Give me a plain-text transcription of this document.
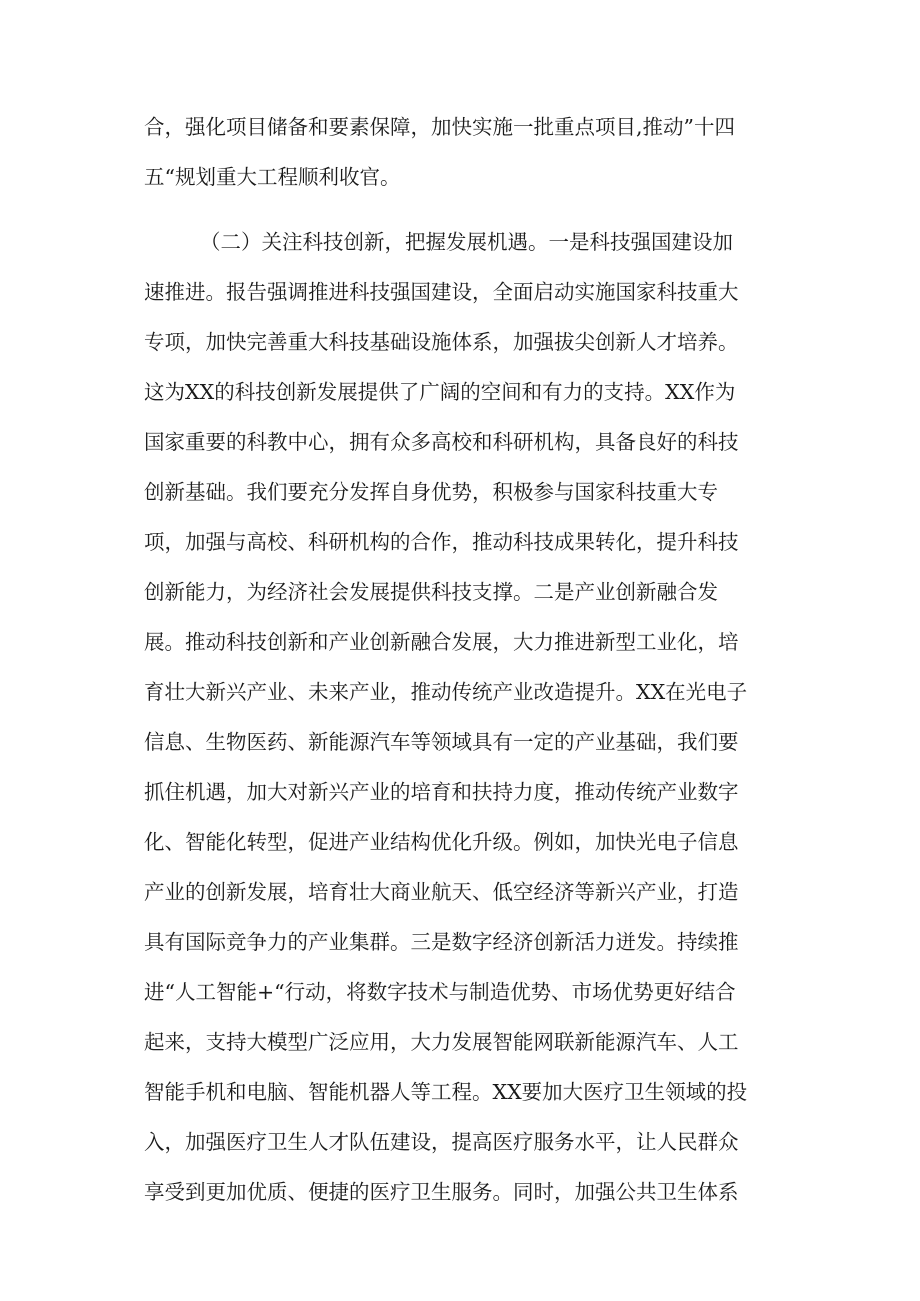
合，强化项目储备和要素保障，加快实施一批重点项目,推动”十四

五“规划重大工程顺利收官。

（二）关注科技创新，把握发展机遇。一是科技强国建设加

速推进。报告强调推进科技强国建设，全面启动实施国家科技重大

专项，加快完善重大科技基础设施体系，加强拔尖创新人才培养。

这为XX的科技创新发展提供了广阔的空间和有力的支持。XX作为

国家重要的科教中心，拥有众多高校和科研机构，具备良好的科技

创新基础。我们要充分发挥自身优势，积极参与国家科技重大专

项，加强与高校、科研机构的合作，推动科技成果转化，提升科技

创新能力，为经济社会发展提供科技支撑。二是产业创新融合发

展。推动科技创新和产业创新融合发展，大力推进新型工业化，培

育壮大新兴产业、未来产业，推动传统产业改造提升。XX在光电子

信息、生物医药、新能源汽车等领域具有一定的产业基础，我们要

抓住机遇，加大对新兴产业的培育和扶持力度，推动传统产业数字

化、智能化转型，促进产业结构优化升级。例如，加快光电子信息

产业的创新发展，培育壮大商业航天、低空经济等新兴产业，打造

具有国际竞争力的产业集群。三是数字经济创新活力迸发。持续推

进“人工智能+“行动，将数字技术与制造优势、市场优势更好结合

起来，支持大模型广泛应用，大力发展智能网联新能源汽车、人工

智能手机和电脑、智能机器人等工程。XX要加大医疗卫生领域的投

入，加强医疗卫生人才队伍建设，提高医疗服务水平，让人民群众

享受到更加优质、便捷的医疗卫生服务。同时，加强公共卫生体系
